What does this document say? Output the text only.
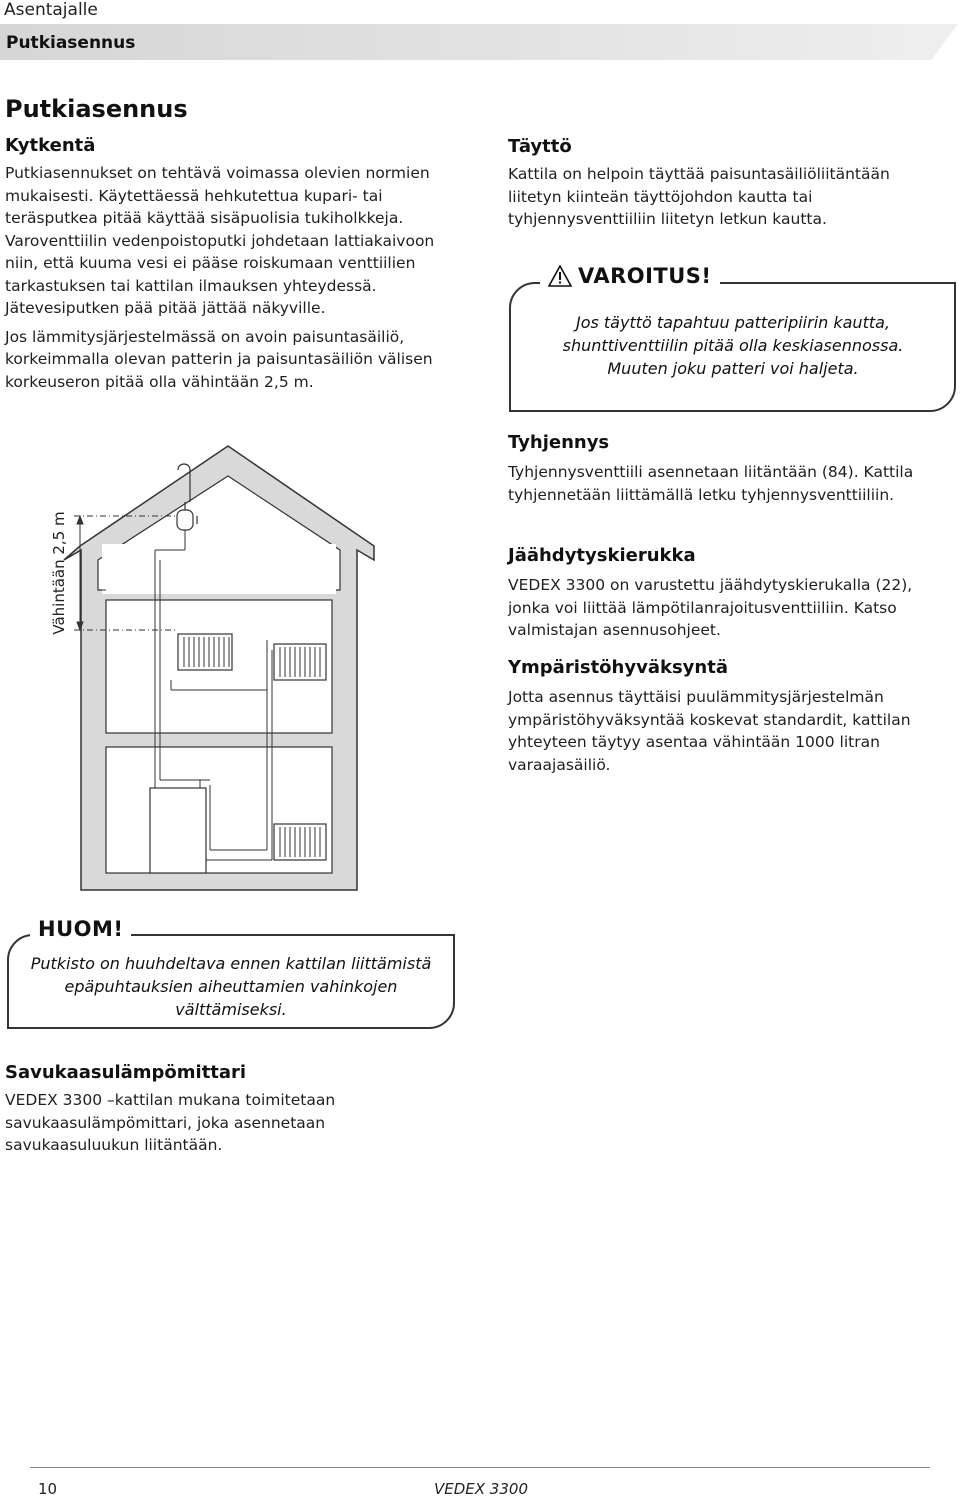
Asentajalle
Putkiasennus
Putkiasennus
Kytkentä

Putkiasennukset on tehtävä voimassa olevien normien mukaisesti. Käytettäessä hehkutettua kupari- tai teräsputkea pitää käyttää sisäpuolisia tukiholkkeja.

Varoventtiilin vedenpoistoputki johdetaan lattiakaivoon niin, että kuuma vesi ei pääse roiskumaan venttiilien tarkastuksen tai kattilan ilmauksen yhteydessä. Jätevesiputken pää pitää jättää näkyville.

Jos lämmitysjärjestelmässä on avoin paisuntasäiliö, korkeimmalla olevan patterin ja paisuntasäiliön välisen korkeuseron pitää olla vähintään 2,5 m.

Täyttö

Kattila on helpoin täyttää paisuntasäiliöliitäntään liitetyn kiinteän täyttöjohdon kautta tai tyhjennysventtiiliin liitetyn letkun kautta.

VAROITUS!
Jos täyttö tapahtuu patteripiirin kautta,
shunttiventtiilin pitää olla keskiasennossa.
Muuten joku patteri voi haljeta.
Tyhjennys

Tyhjennysventtiili asennetaan liitäntään (84). Kattila tyhjennetään liittämällä letku tyhjennysventtiiliin.

Jäähdytyskierukka

VEDEX 3300 on varustettu jäähdytyskierukalla (22), jonka voi liittää lämpötilanrajoitusventtiiliin. Katso valmistajan asennusohjeet.

Ympäristöhyväksyntä

Jotta asennus täyttäisi puulämmitysjärjestelmän ympäristöhyväksyntää koskevat standardit, kattilan yhteyteen täytyy asentaa vähintään 1000 litran varaajasäiliö.

Vähintään 2,5 m
HUOM!
Putkisto on huuhdeltava ennen kattilan liittämistä epäpuhtauksien aiheuttamien vahinkojen välttämiseksi.
Savukaasulämpömittari

VEDEX 3300 –kattilan mukana toimitetaan savukaasulämpömittari, joka asennetaan savukaasuluukun liitäntään.

10	VEDEX 3300
